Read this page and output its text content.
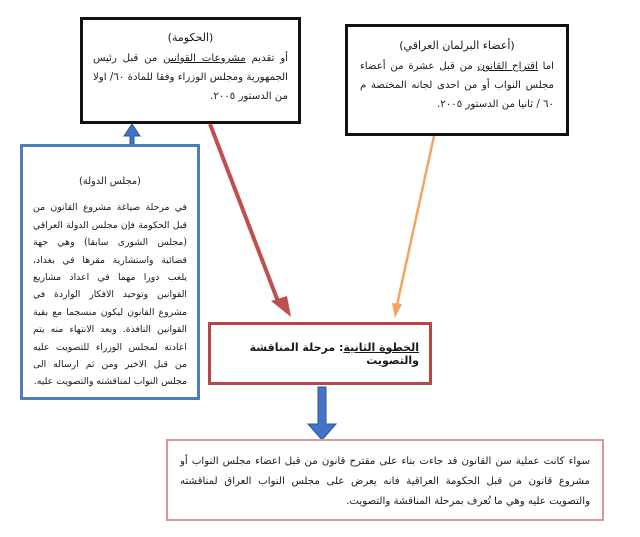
(الحكومة)
أو تقديم مشروعات القوانين من قبل رئيس الجمهورية ومجلس الوزراء وفقا للمادة ٦٠/ اولا من الدستور ٢٠٠٥.
(أعضاء البرلمان العراقي)
اما اقتراح القانون من قبل عشرة من أعضاء مجلس النواب أو من احدى لجانه المختصة م ٦٠ / ثانيا من الدستور ٢٠٠٥.
(مجلس الدولة)
في مرحلة صياغة مشروع القانون من قبل الحكومة فإن مجلس الدولة العراقي (مجلس الشورى سابقا) وهي جهة قضائية واستشارية مقرها في بغداد، يلعب دورا مهما في اعداد مشاريع القوانين وتوحيد الافكار الواردة في مشروع القانون ليكون منسجما مع بقية القوانين النافذة. وبعد الانتهاء منه يتم اعادته لمجلس الوزراء للتصويت عليه من قبل الاخير ومن ثم ارساله الى مجلس النواب لمناقشته والتصويت عليه.
الخطوة الثانية: مرحلة المناقشة والتصويت
سواء كانت عملية سن القانون قد جاءت بناء على مقترح قانون من قبل اعضاء مجلس النواب أو مشروع قانون من قبل الحكومة العراقية فانه يعرض على مجلس النواب العراق لمناقشته والتصويت عليه وهي ما تُعرف بمرحلة المناقشة والتصويت.
